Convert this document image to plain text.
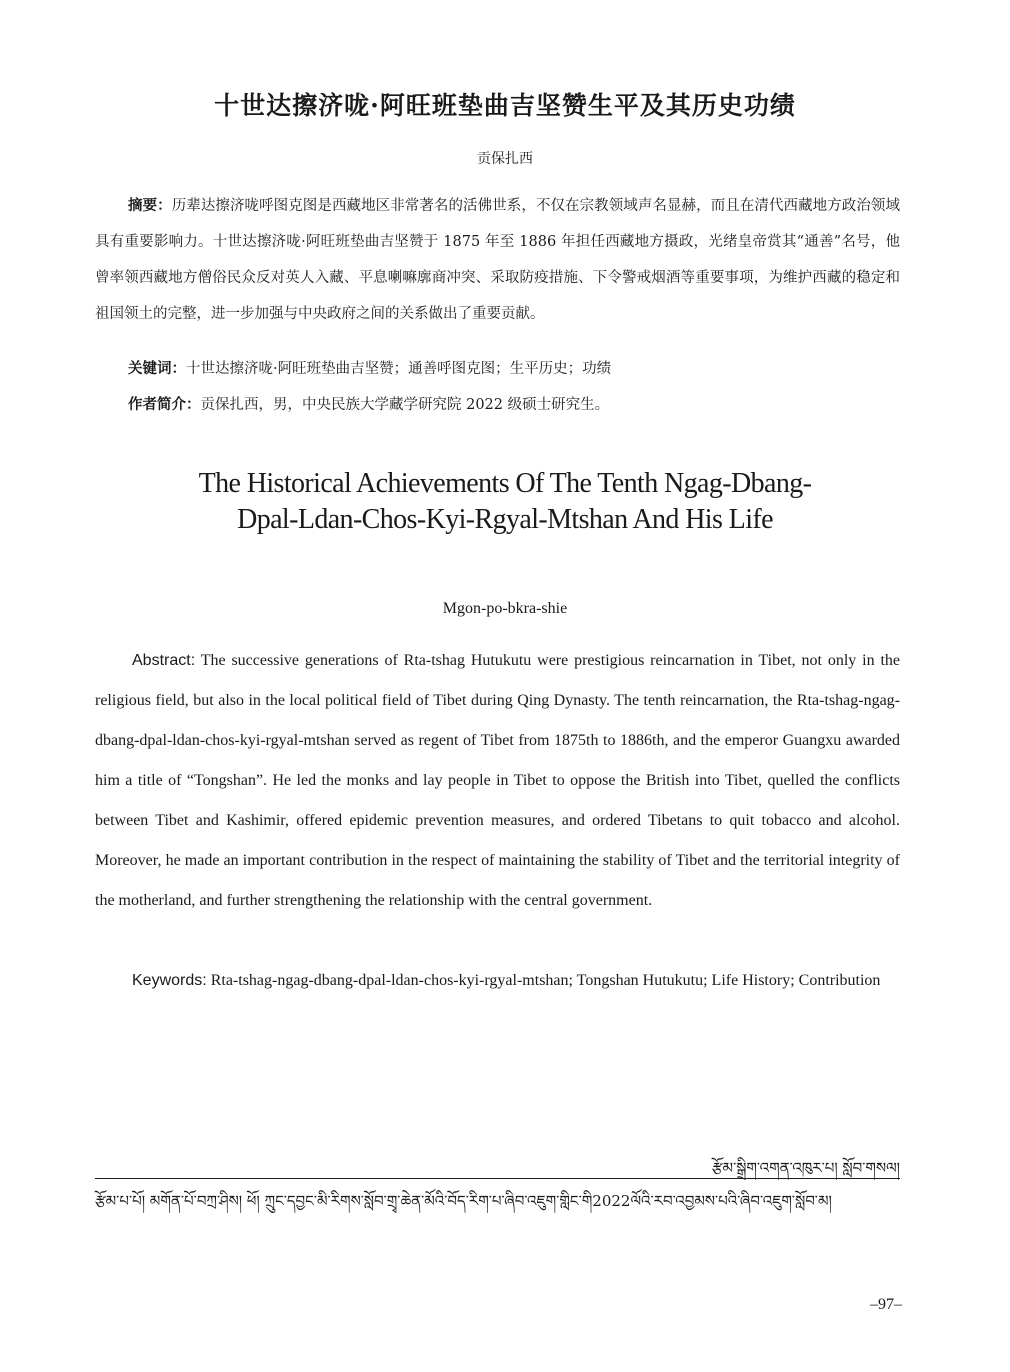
十世达擦济咙·阿旺班垫曲吉坚赞生平及其历史功绩
贡保扎西
摘要：历辈达擦济咙呼图克图是西藏地区非常著名的活佛世系，不仅在宗教领域声名显赫，而且在清代西藏地方政治领域具有重要影响力。十世达擦济咙·阿旺班垫曲吉坚赞于 1875 年至 1886 年担任西藏地方摄政，光绪皇帝赏其“通善”名号，他曾率领西藏地方僧俗民众反对英人入藏、平息喇嘛廓商冲突、采取防疫措施、下令警戒烟酒等重要事项，为维护西藏的稳定和祖国领土的完整，进一步加强与中央政府之间的关系做出了重要贡献。
关键词：十世达擦济咙·阿旺班垫曲吉坚赞；通善呼图克图；生平历史；功绩
作者简介：贡保扎西，男，中央民族大学藏学研究院 2022 级硕士研究生。
The Historical Achievements Of The Tenth Ngag-Dbang-
Dpal-Ldan-Chos-Kyi-Rgyal-Mtshan And His Life
Mgon-po-bkra-shie
Abstract: The successive generations of Rta-tshag Hutukutu were prestigious reincarnation in Tibet, not only in the religious field, but also in the local political field of Tibet during Qing Dynasty. The tenth reincarnation, the Rta-tshag-ngag-dbang-dpal-ldan-chos-kyi-rgyal-mtshan served as regent of Tibet from 1875th to 1886th, and the emperor Guangxu awarded him a title of “Tongshan”. He led the monks and lay people in Tibet to oppose the British into Tibet, quelled the conflicts between Tibet and Kashimir, offered epidemic prevention measures, and ordered Tibetans to quit tobacco and alcohol. Moreover, he made an important contribution in the respect of maintaining the stability of Tibet and the territorial integrity of the motherland, and further strengthening the relationship with the central government.
Keywords: Rta-tshag-ngag-dbang-dpal-ldan-chos-kyi-rgyal-mtshan; Tongshan Hutukutu; Life History; Contribution
རྩོམ་སྒྲིག་འགན་འཁུར་པ། སློབ་གསལ།
རྩོམ་པ་པོ། མགོན་པོ་བཀྲ་ཤིས། ཕོ། ཀྲུང་དབྱང་མི་རིགས་སློབ་གྲྭ་ཆེན་མོའི་བོད་རིག་པ་ཞིབ་འཇུག་གླིང་གི2022ལོའི་རབ་འབྱམས་པའི་ཞིབ་འཇུག་སློབ་མ།
–97–
